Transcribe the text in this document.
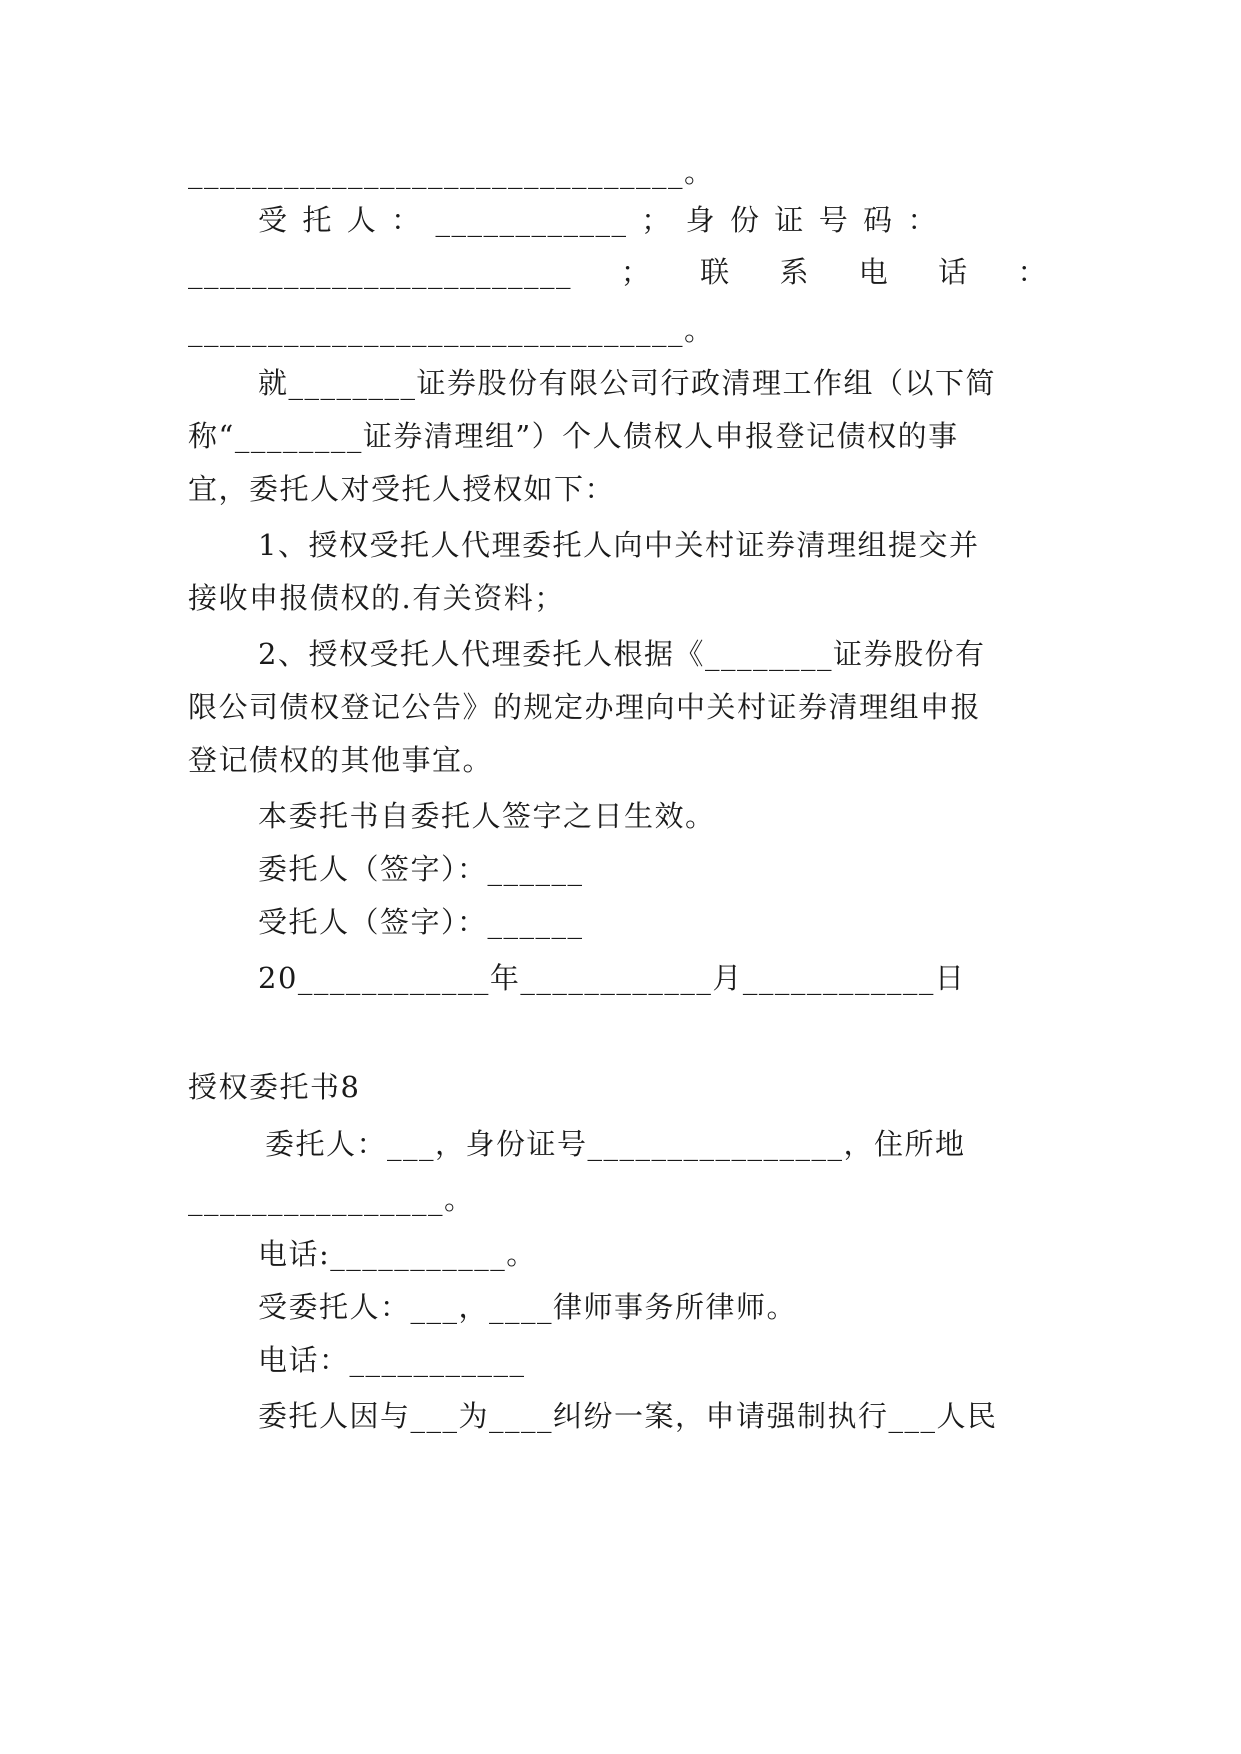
_______________________________。
受 托 人 ： ____________ ； 身 份 证 号 码 ：
________________________ ； 联 系 电 话 ：
_______________________________。
就________证券股份有限公司行政清理工作组（以下简
称“________证券清理组”）个人债权人申报登记债权的事
宜，委托人对受托人授权如下：
1、授权受托人代理委托人向中关村证券清理组提交并
接收申报债权的.有关资料；
2、授权受托人代理委托人根据《________证券股份有
限公司债权登记公告》的规定办理向中关村证券清理组申报
登记债权的其他事宜。
本委托书自委托人签字之日生效。
委托人（签字）：______
受托人（签字）：______
20____________年____________月____________日
授权委托书8
委托人：___，身份证号________________，住所地
________________。
电话:___________。
受委托人：___，____律师事务所律师。
电话：___________
委托人因与___为____纠纷一案，申请强制执行___人民
